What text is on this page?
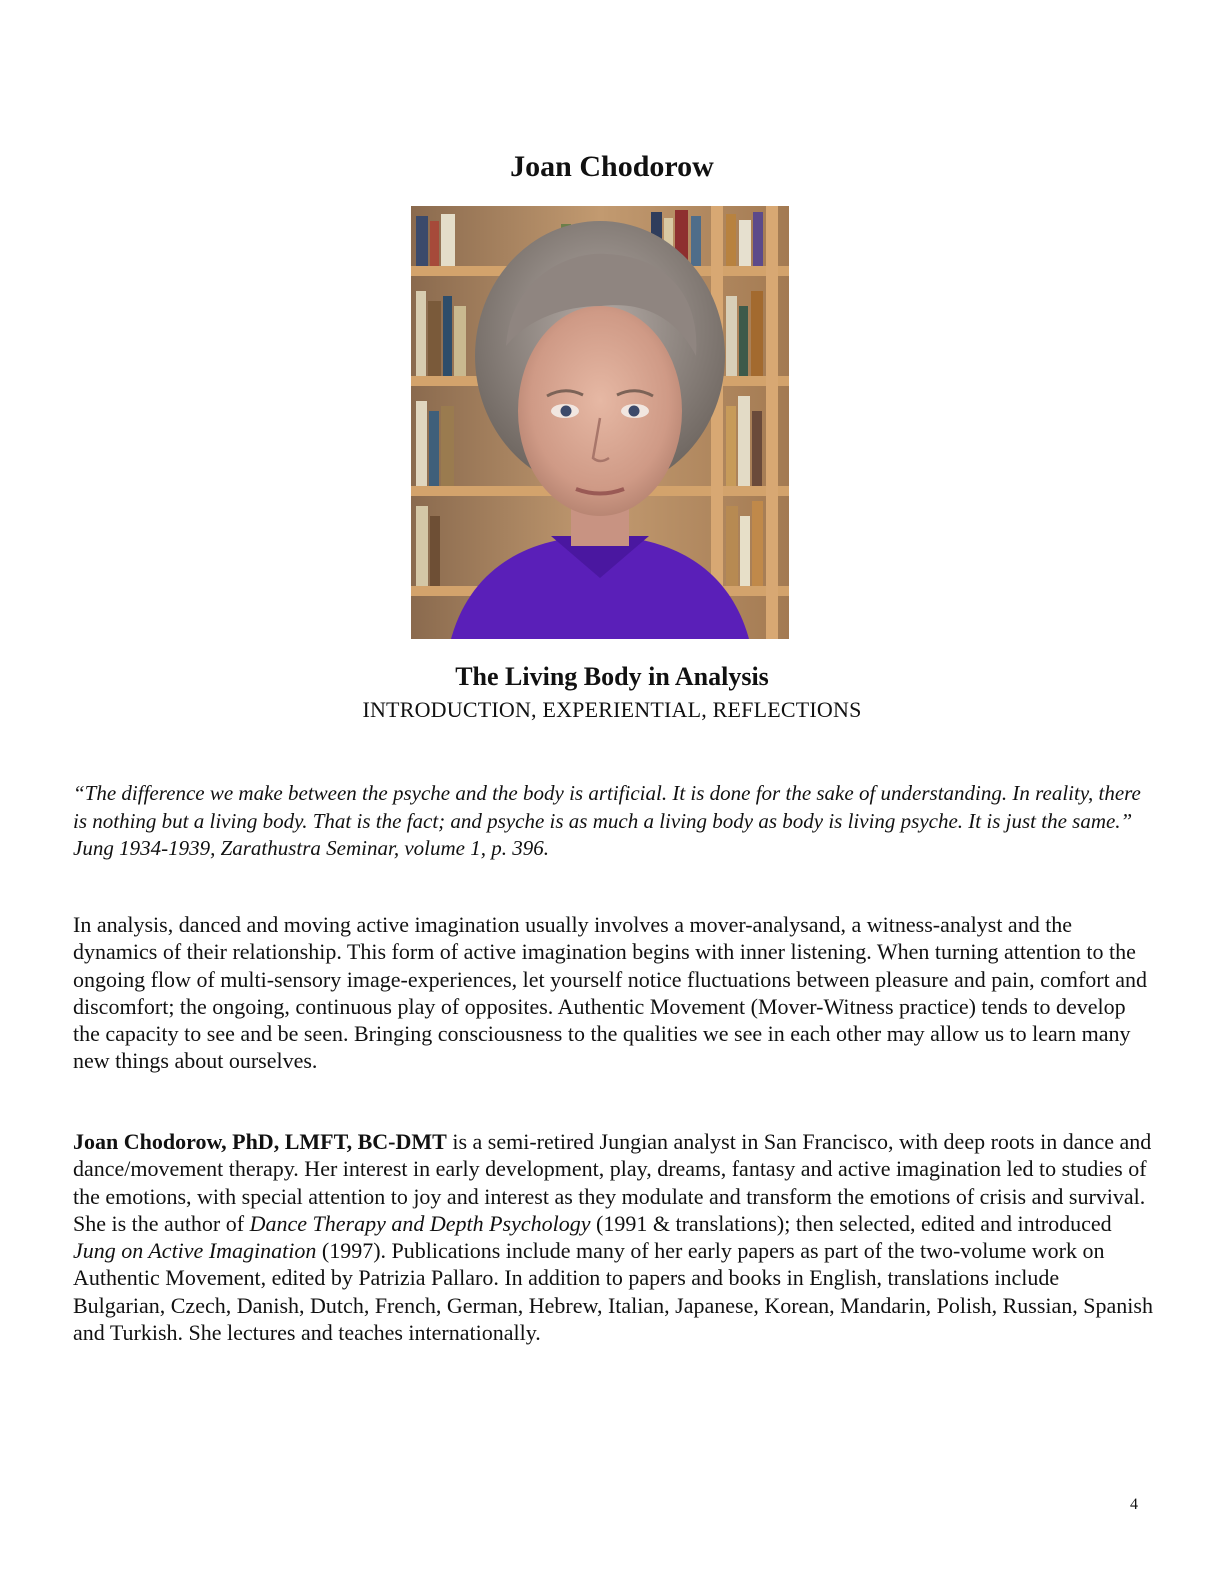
Joan Chodorow
The Living Body in Analysis

INTRODUCTION, EXPERIENTIAL, REFLECTIONS

“The difference we make between the psyche and the body is artificial. It is done for the sake of understanding. In reality, there is nothing but a living body. That is the fact; and psyche is as much a living body as body is living psyche. It is just the same.” Jung 1934-1939, Zarathustra Seminar, volume 1, p. 396.

In analysis, danced and moving active imagination usually involves a mover-analysand, a witness-analyst and the dynamics of their relationship. This form of active imagination begins with inner listening. When turning attention to the ongoing flow of multi-sensory image-experiences, let yourself notice fluctuations between pleasure and pain, comfort and discomfort; the ongoing, continuous play of opposites. Authentic Movement (Mover-Witness practice) tends to develop the capacity to see and be seen. Bringing consciousness to the qualities we see in each other may allow us to learn many new things about ourselves.

Joan Chodorow, PhD, LMFT, BC-DMT is a semi-retired Jungian analyst in San Francisco, with deep roots in dance and dance/movement therapy. Her interest in early development, play, dreams, fantasy and active imagination led to studies of the emotions, with special attention to joy and interest as they modulate and transform the emotions of crisis and survival. She is the author of Dance Therapy and Depth Psychology (1991 & translations); then selected, edited and introduced Jung on Active Imagination (1997). Publications include many of her early papers as part of the two-volume work on Authentic Movement, edited by Patrizia Pallaro. In addition to papers and books in English, translations include Bulgarian, Czech, Danish, Dutch, French, German, Hebrew, Italian, Japanese, Korean, Mandarin, Polish, Russian, Spanish and Turkish. She lectures and teaches internationally.

4
